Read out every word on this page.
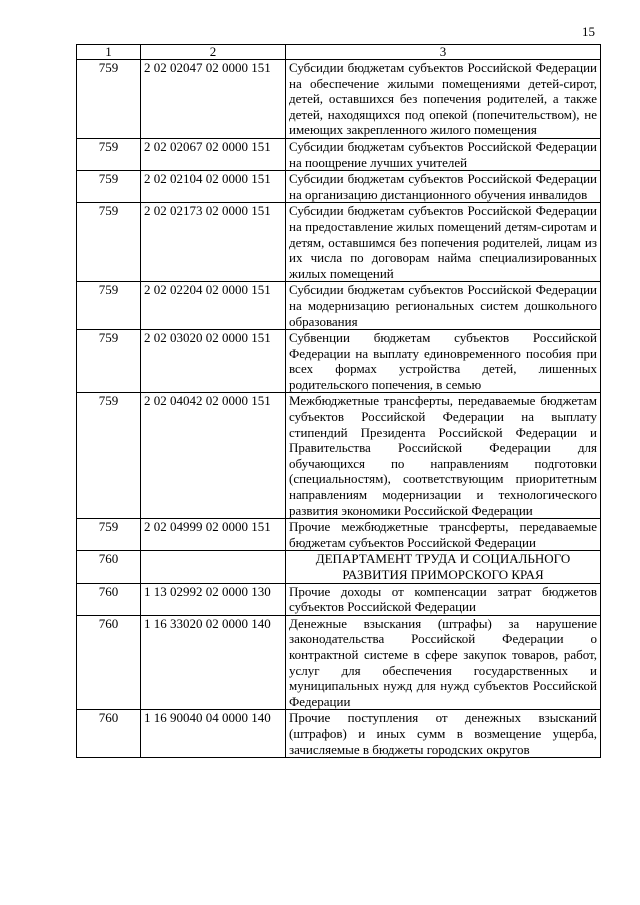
15
1	2	3
759	2 02 02047 02 0000 151	Субсидии бюджетам субъектов Российской Федерации на обеспечение жилыми помещениями детей-сирот, детей, оставшихся без попечения родителей, а также детей, находящихся под опекой (попечительством), не имеющих закрепленного жилого помещения
759	2 02 02067 02 0000 151	Субсидии бюджетам субъектов Российской Федерации на поощрение лучших учителей
759	2 02 02104 02 0000 151	Субсидии бюджетам субъектов Российской Федерации на организацию дистанционного обучения инвалидов
759	2 02 02173 02 0000 151	Субсидии бюджетам субъектов Российской Федерации на предоставление жилых помещений детям-сиротам и детям, оставшимся без попечения родителей, лицам из их числа по договорам найма специализированных жилых помещений
759	2 02 02204 02 0000 151	Субсидии бюджетам субъектов Российской Федерации на модернизацию региональных систем дошкольного образования
759	2 02 03020 02 0000 151	Субвенции бюджетам субъектов Российской Федерации на выплату единовременного пособия при всех формах устройства детей, лишенных родительского попечения, в семью
759	2 02 04042 02 0000 151	Межбюджетные трансферты, передаваемые бюджетам субъектов Российской Федерации на выплату стипендий Президента Российской Федерации и Правительства Российской Федерации для обучающихся по направлениям подготовки (специальностям), соответствующим приоритетным направлениям модернизации и технологического развития экономики Российской Федерации
759	2 02 04999 02 0000 151	Прочие межбюджетные трансферты, передаваемые бюджетам субъектов Российской Федерации
760		ДЕПАРТАМЕНТ ТРУДА И СОЦИАЛЬНОГО РАЗВИТИЯ ПРИМОРСКОГО КРАЯ
760	1 13 02992 02 0000 130	Прочие доходы от компенсации затрат бюджетов субъектов Российской Федерации
760	1 16 33020 02 0000 140	Денежные взыскания (штрафы) за нарушение законодательства Российской Федерации о контрактной системе в сфере закупок товаров, работ, услуг для обеспечения государственных и муниципальных нужд для нужд субъектов Российской Федерации
760	1 16 90040 04 0000 140	Прочие поступления от денежных взысканий (штрафов) и иных сумм в возмещение ущерба, зачисляемые в бюджеты городских округов
